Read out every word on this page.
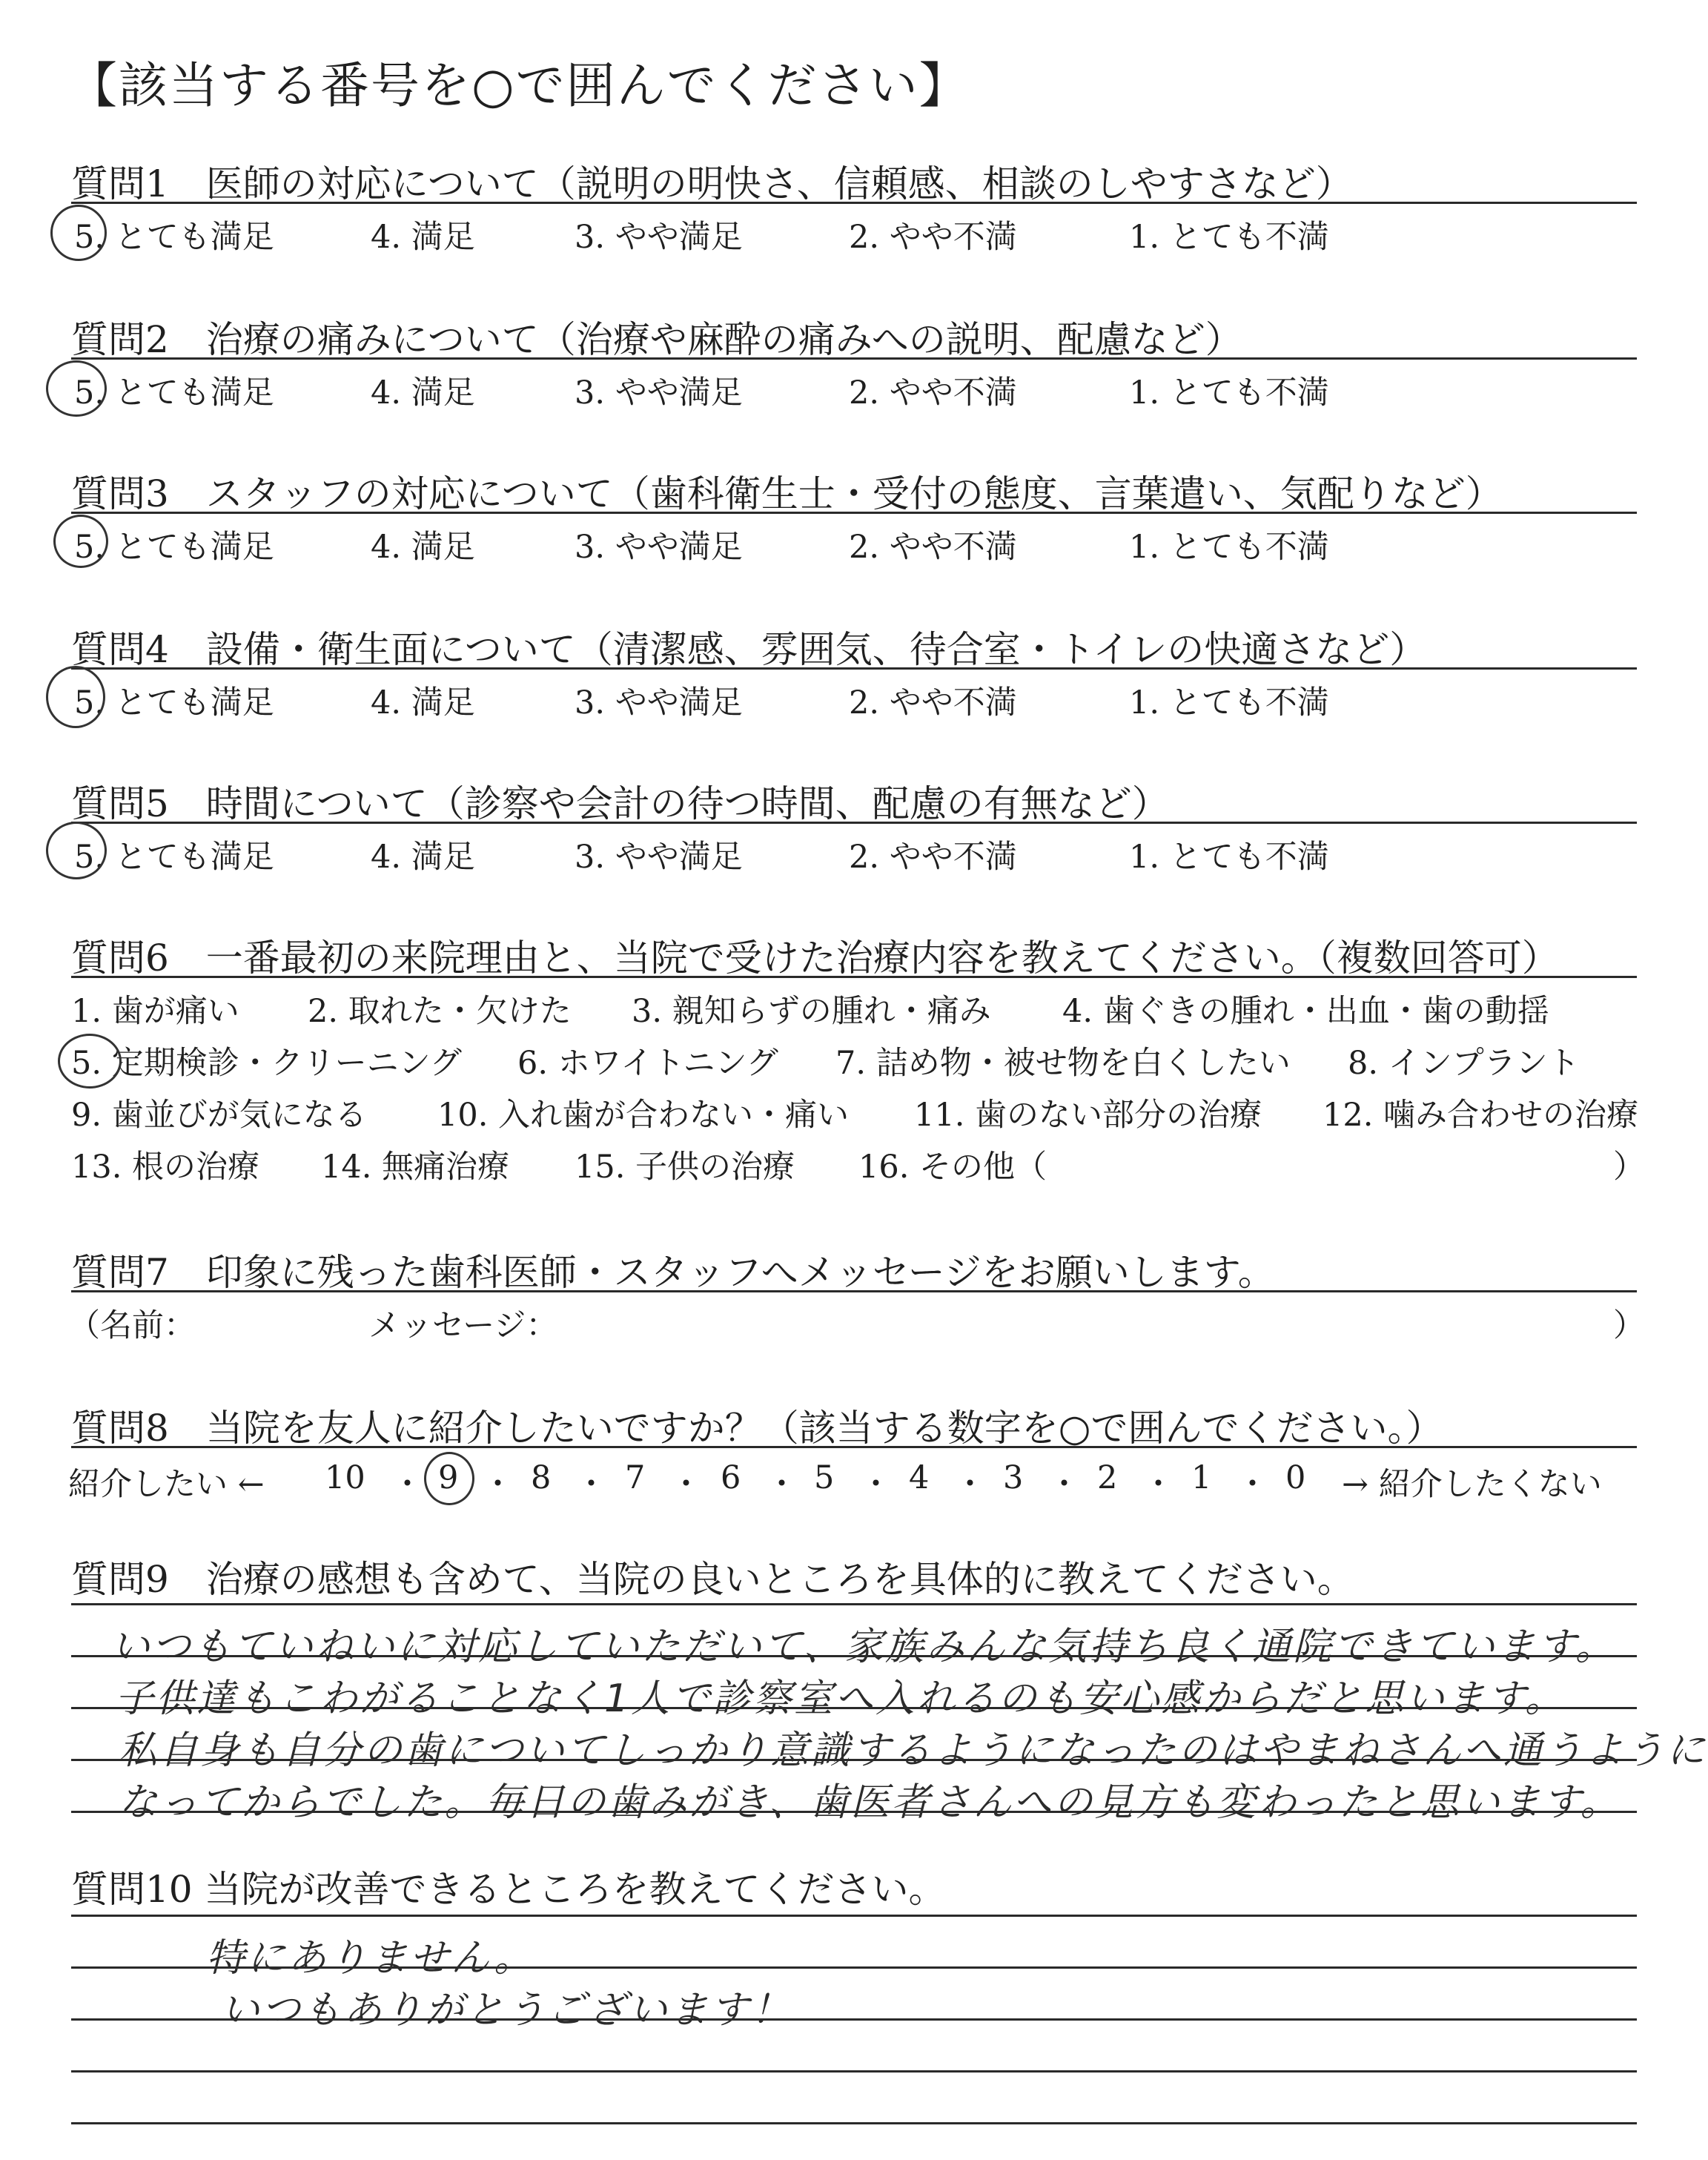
【該当する番号を○で囲んでください】
質問1　医師の対応について（説明の明快さ、信頼感、相談のしやすさなど）
5. とても満足	4. 満足	3. やや満足	2. やや不満	1. とても不満
質問2　治療の痛みについて（治療や麻酔の痛みへの説明、配慮など）
5. とても満足	4. 満足	3. やや満足	2. やや不満	1. とても不満
質問3　スタッフの対応について（歯科衛生士・受付の態度、言葉遣い、気配りなど）
5. とても満足	4. 満足	3. やや満足	2. やや不満	1. とても不満
質問4　設備・衛生面について（清潔感、雰囲気、待合室・トイレの快適さなど）
5. とても満足	4. 満足	3. やや満足	2. やや不満	1. とても不満
質問5　時間について（診察や会計の待つ時間、配慮の有無など）
5. とても満足	4. 満足	3. やや満足	2. やや不満	1. とても不満
質問6　一番最初の来院理由と、当院で受けた治療内容を教えてください。（複数回答可）
1. 歯が痛い 2. 取れた・欠けた 3. 親知らずの腫れ・痛み 4. 歯ぐきの腫れ・出血・歯の動揺
5. 定期検診・クリーニング 6. ホワイトニング 7. 詰め物・被せ物を白くしたい 8. インプラント
9. 歯並びが気になる 10. 入れ歯が合わない・痛い 11. 歯のない部分の治療 12. 噛み合わせの治療
13. 根の治療 14. 無痛治療 15. 子供の治療 16. その他（	）
質問7　印象に残った歯科医師・スタッフへメッセージをお願いします。
（名前：	メッセージ：	）
質問8　当院を友人に紹介したいですか？（該当する数字を○で囲んでください。）
紹介したい ← 10 ・ 9 ・ 8 ・ 7 ・ 6 ・ 5 ・ 4 ・ 3 ・ 2 ・ 1 ・ 0 → 紹介したくない
質問9　治療の感想も含めて、当院の良いところを具体的に教えてください。
いつもていねいに対応していただいて、家族みんな気持ち良く通院できています。
子供達もこわがることなく1人で診察室へ入れるのも安心感からだと思います。
私自身も自分の歯についてしっかり意識するようになったのはやまねさんへ通うように
なってからでした。毎日の歯みがき、歯医者さんへの見方も変わったと思います。
質問10 当院が改善できるところを教えてください。
特にありません。
いつもありがとうございます！
